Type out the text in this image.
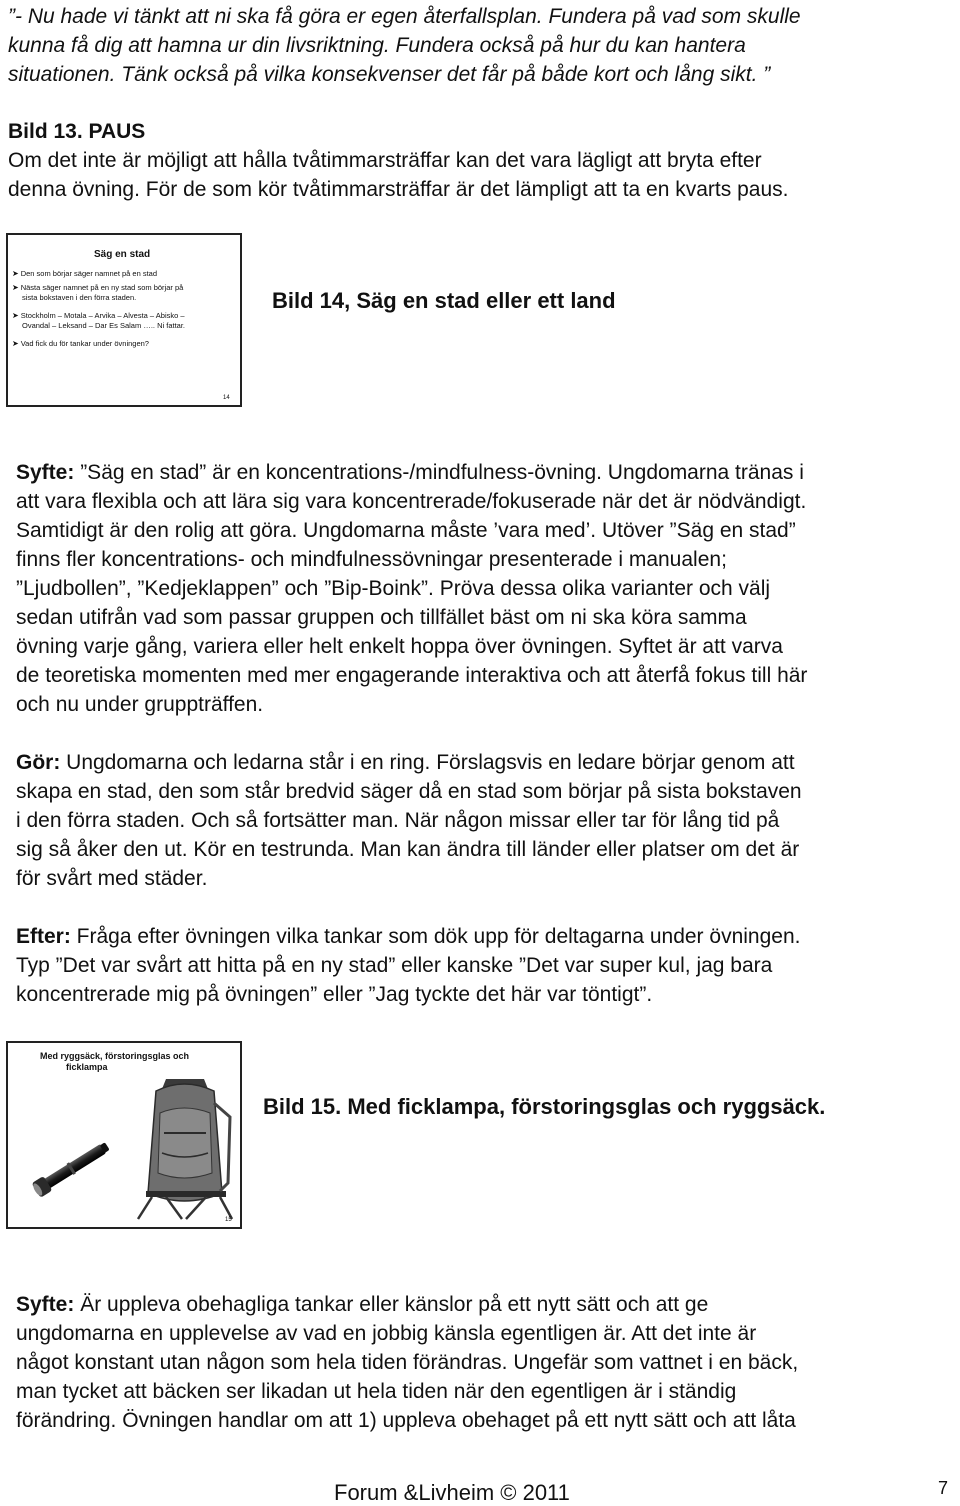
”- Nu hade vi tänkt att ni ska få göra er egen återfallsplan. Fundera på vad som skulle
kunna få dig att hamna ur din livsriktning. Fundera också på hur du kan hantera
situationen. Tänk också på vilka konsekvenser det får på både kort och lång sikt. ”
Bild 13. PAUS
Om det inte är möjligt att hålla tvåtimmarsträffar kan det vara lägligt att bryta efter
denna övning. För de som kör tvåtimmarsträffar är det lämpligt att ta en kvarts paus.
Säg en stad
➤ Den som börjar säger namnet på en stad
➤ Nästa säger namnet på en ny stad som börjar på
sista bokstaven i den förra staden.
➤ Stockholm – Motala – Arvika – Alvesta – Abisko –
Ovandal – Leksand – Dar Es Salam ….. Ni fattar.
➤ Vad fick du för tankar under övningen?
14
Bild 14, Säg en stad eller ett land
Syfte: ”Säg en stad” är en koncentrations-/mindfulness-övning. Ungdomarna tränas i
att vara flexibla och att lära sig vara koncentrerade/fokuserade när det är nödvändigt.
Samtidigt är den rolig att göra. Ungdomarna måste ’vara med’. Utöver ”Säg en stad”
finns fler koncentrations- och mindfulnessövningar presenterade i manualen;
”Ljudbollen”, ”Kedjeklappen” och ”Bip-Boink”. Pröva dessa olika varianter och välj
sedan utifrån vad som passar gruppen och tillfället bäst om ni ska köra samma
övning varje gång, variera eller helt enkelt hoppa över övningen. Syftet är att varva
de teoretiska momenten med mer engagerande interaktiva och att återfå fokus till här
och nu under gruppträffen.
Gör: Ungdomarna och ledarna står i en ring. Förslagsvis en ledare börjar genom att
skapa en stad, den som står bredvid säger då en stad som börjar på sista bokstaven
i den förra staden. Och så fortsätter man. När någon missar eller tar för lång tid på
sig så åker den ut. Kör en testrunda. Man kan ändra till länder eller platser om det är
för svårt med städer.
Efter: Fråga efter övningen vilka tankar som dök upp för deltagarna under övningen.
Typ ”Det var svårt att hitta på en ny stad” eller kanske ”Det var super kul, jag bara
koncentrerade mig på övningen” eller ”Jag tyckte det här var töntigt”.
Med ryggsäck, förstoringsglas och
ficklampa
15
Bild 15. Med ficklampa, förstoringsglas och ryggsäck.
Syfte: Är uppleva obehagliga tankar eller känslor på ett nytt sätt och att ge
ungdomarna en upplevelse av vad en jobbig känsla egentligen är. Att det inte är
något konstant utan någon som hela tiden förändras. Ungefär som vattnet i en bäck,
man tycket att bäcken ser likadan ut hela tiden när den egentligen är i ständig
förändring. Övningen handlar om att 1) uppleva obehaget på ett nytt sätt och att låta
Forum &Livheim © 2011	7
